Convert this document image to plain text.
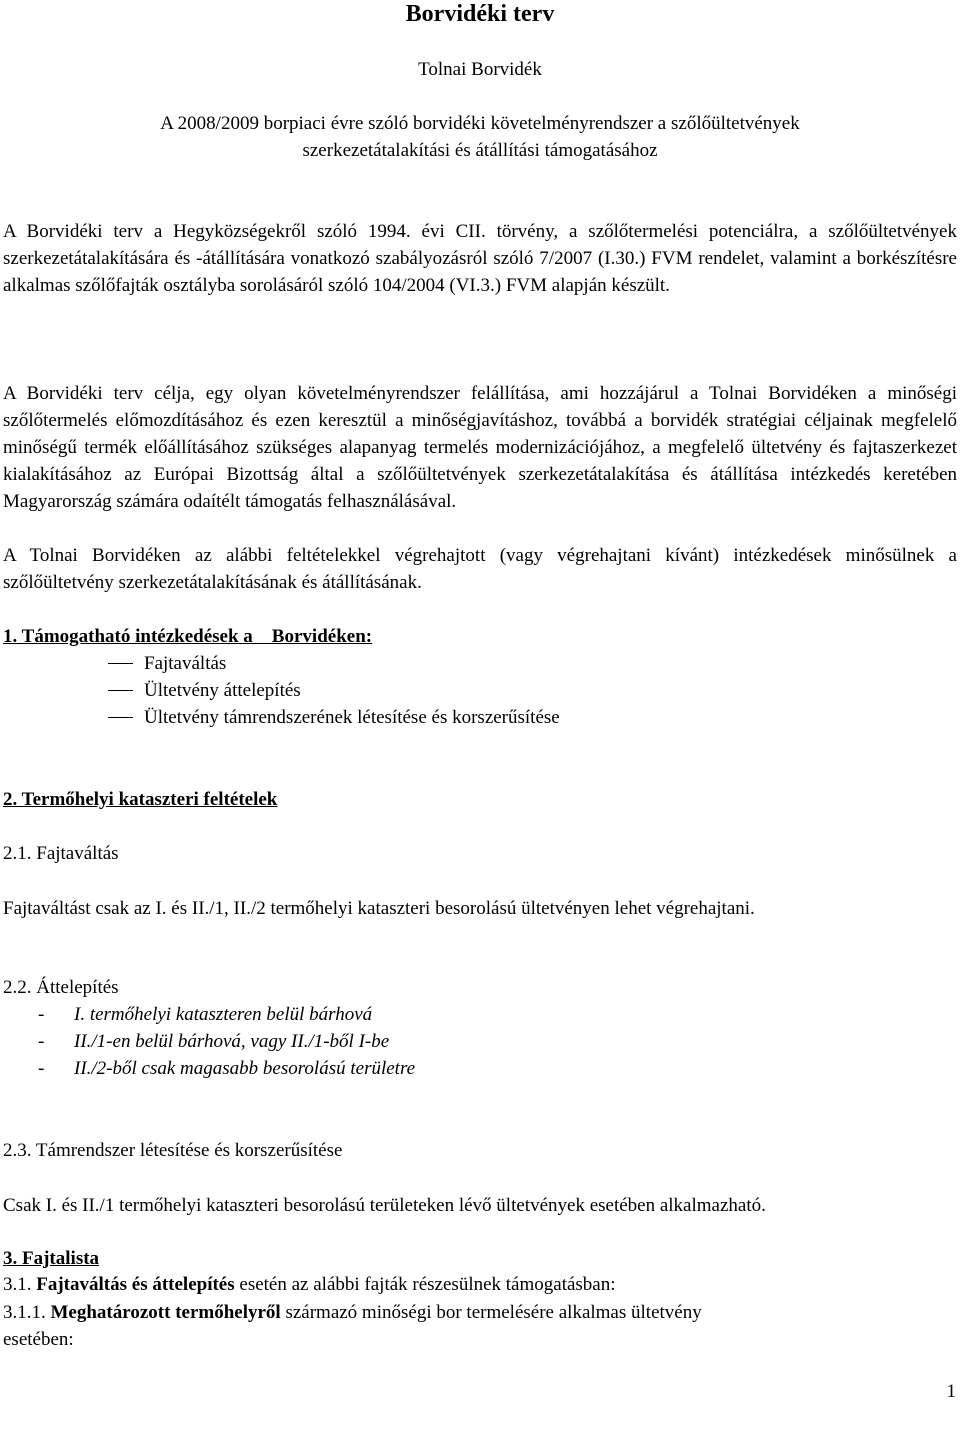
Borvidéki terv

Tolnai Borvidék

A 2008/2009 borpiaci évre szóló borvidéki követelményrendszer a szőlőültetvények

szerkezetátalakítási és átállítási támogatásához

A Borvidéki terv a Hegyközségekről szóló 1994. évi CII. törvény, a szőlőtermelési potenciálra, a szőlőültetvények szerkezetátalakítására és -átállítására vonatkozó szabályozásról szóló 7/2007 (I.30.) FVM rendelet, valamint a borkészítésre alkalmas szőlőfajták osztályba sorolásáról szóló 104/2004 (VI.3.) FVM alapján készült.

A Borvidéki terv célja, egy olyan követelményrendszer felállítása, ami hozzájárul a Tolnai Borvidéken a minőségi szőlőtermelés előmozdításához és ezen keresztül a minőségjavításhoz, továbbá a borvidék stratégiai céljainak megfelelő minőségű termék előállításához szükséges alapanyag termelés modernizációjához, a megfelelő ültetvény és fajtaszerkezet kialakításához az Európai Bizottság által a szőlőültetvények szerkezetátalakítása és átállítása intézkedés keretében Magyarország számára odaítélt támogatás felhasználásával.

A Tolnai Borvidéken az alábbi feltételekkel végrehajtott (vagy végrehajtani kívánt) intézkedések minősülnek a szőlőültetvény szerkezetátalakításának és átállításának.

1. Támogatható intézkedések a    Borvidéken:

Fajtaváltás
Ültetvény áttelepítés
Ültetvény támrendszerének létesítése és korszerűsítése

2. Termőhelyi kataszteri feltételek

2.1. Fajtaváltás

Fajtaváltást csak az I. és II./1, II./2 termőhelyi kataszteri besorolású ültetvényen lehet végrehajtani.

2.2. Áttelepítés

- I. termőhelyi kataszteren belül bárhová
- II./1-en belül bárhová, vagy II./1-ből I-be
- II./2-ből csak magasabb besorolású területre

2.3. Támrendszer létesítése és korszerűsítése

Csak I. és II./1 termőhelyi kataszteri besorolású területeken lévő ültetvények esetében alkalmazható.

3. Fajtalista

3.1. Fajtaváltás és áttelepítés esetén az alábbi fajták részesülnek támogatásban:

3.1.1. Meghatározott termőhelyről származó minőségi bor termelésére alkalmas ültetvény

esetében:

1
